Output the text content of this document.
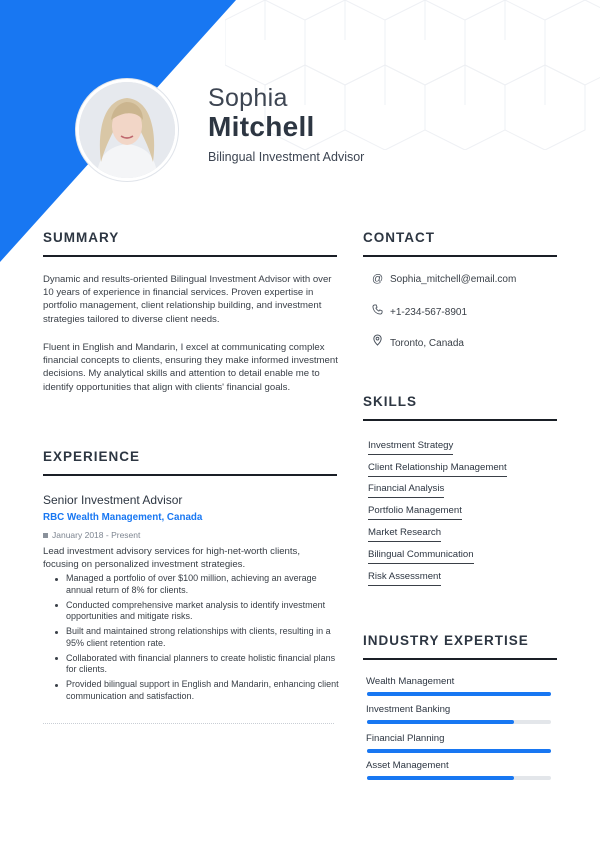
Sophia
Mitchell
Bilingual Investment Advisor
SUMMARY

Dynamic and results-oriented Bilingual Investment Advisor with over 10 years of experience in financial services. Proven expertise in portfolio management, client relationship building, and investment strategies tailored to diverse client needs.

Fluent in English and Mandarin, I excel at communicating complex financial concepts to clients, ensuring they make informed investment decisions. My analytical skills and attention to detail enable me to identify opportunities that align with clients' financial goals.

EXPERIENCE
Senior Investment Advisor
RBC Wealth Management, Canada
January 2018 - Present
Lead investment advisory services for high-net-worth clients, focusing on personalized investment strategies.
Managed a portfolio of over $100 million, achieving an average annual return of 8% for clients.
Conducted comprehensive market analysis to identify investment opportunities and mitigate risks.
Built and maintained strong relationships with clients, resulting in a 95% client retention rate.
Collaborated with financial planners to create holistic financial plans for clients.
Provided bilingual support in English and Mandarin, enhancing client communication and satisfaction.
CONTACT
@ Sophia_mitchell@email.com
+1-234-567-8901
Toronto, Canada
SKILLS
Investment Strategy
Client Relationship Management
Financial Analysis
Portfolio Management
Market Research
Bilingual Communication
Risk Assessment
INDUSTRY EXPERTISE
Wealth Management
Investment Banking
Financial Planning
Asset Management
